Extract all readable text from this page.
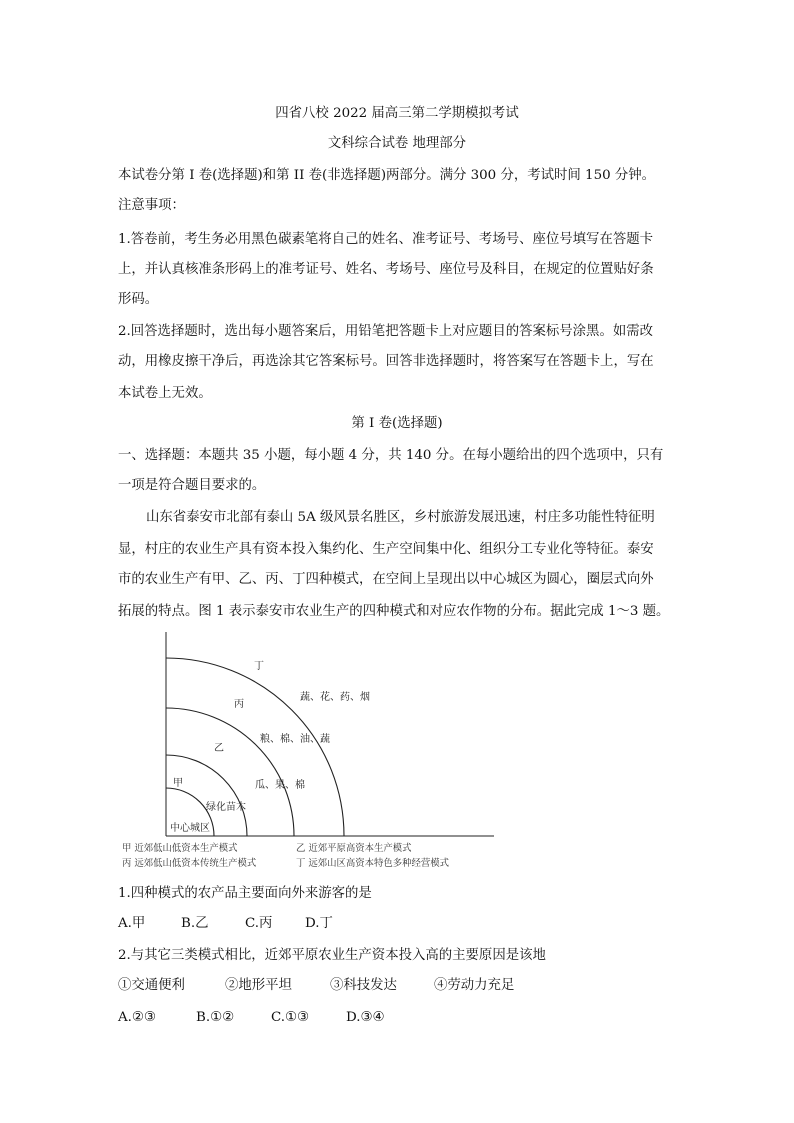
四省八校 2022 届高三第二学期模拟考试
文科综合试卷 地理部分
本试卷分第 I 卷(选择题)和第 II 卷(非选择题)两部分。满分 300 分，考试时间 150 分钟。
注意事项：
1.答卷前，考生务必用黑色碳素笔将自己的姓名、准考证号、考场号、座位号填写在答题卡
上，并认真核准条形码上的准考证号、姓名、考场号、座位号及科目，在规定的位置贴好条
形码。
2.回答选择题时，选出每小题答案后，用铅笔把答题卡上对应题目的答案标号涂黑。如需改
动，用橡皮擦干净后，再选涂其它答案标号。回答非选择题时，将答案写在答题卡上，写在
本试卷上无效。
第 I 卷(选择题)
一、选择题：本题共 35 小题，每小题 4 分，共 140 分。在每小题给出的四个选项中，只有
一项是符合题目要求的。
山东省泰安市北部有泰山 5A 级风景名胜区，乡村旅游发展迅速，村庄多功能性特征明
显，村庄的农业生产具有资本投入集约化、生产空间集中化、组织分工专业化等特征。泰安
市的农业生产有甲、乙、丙、丁四种模式，在空间上呈现出以中心城区为圆心，圈层式向外
拓展的特点。图 1 表示泰安市农业生产的四种模式和对应农作物的分布。据此完成 1～3 题。
中心城区
甲
绿化苗木
乙
瓜、果、棉
丙
粮、棉、油、蔬
丁
蔬、花、药、烟
甲 近郊低山低资本生产模式	乙 近郊平原高资本生产模式
丙 远郊低山低资本传统生产模式	丁 远郊山区高资本特色多种经营模式
1.四种模式的农产品主要面向外来游客的是
A.甲	B.乙	C.丙 D.丁
2.与其它三类模式相比，近郊平原农业生产资本投入高的主要原因是该地
①交通便利	②地形平坦	③科技发达	④劳动力充足
A.②③	B.①②	C.①③	D.③④
